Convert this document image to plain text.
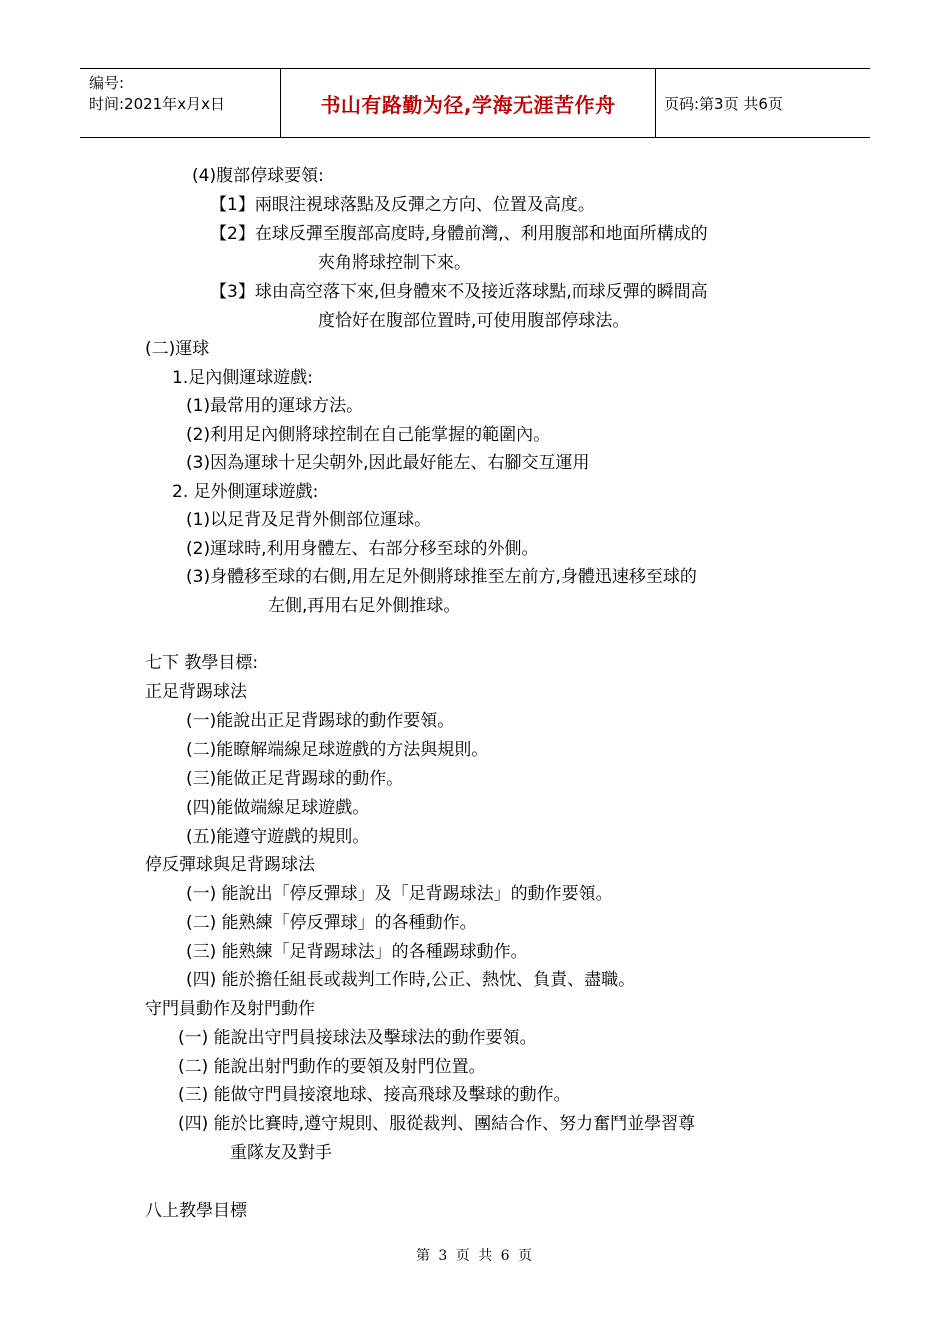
编号:
时间:2021年x月x日	书山有路勤为径,学海无涯苦作舟	页码:第3页 共6页
(4)腹部停球要領:
【1】兩眼注視球落點及反彈之方向、位置及高度。
【2】在球反彈至腹部高度時,身體前灣,、利用腹部和地面所構成的
夾角將球控制下來。
【3】球由高空落下來,但身體來不及接近落球點,而球反彈的瞬間高
度恰好在腹部位置時,可使用腹部停球法。
(二)運球
1.足內側運球遊戲:
(1)最常用的運球方法。
(2)利用足內側將球控制在自己能掌握的範圍內。
(3)因為運球十足尖朝外,因此最好能左、右腳交互運用
2. 足外側運球遊戲:
(1)以足背及足背外側部位運球。
(2)運球時,利用身體左、右部分移至球的外側。
(3)身體移至球的右側,用左足外側將球推至左前方,身體迅速移至球的
左側,再用右足外側推球。
七下 教學目標:
正足背踢球法
(一)能說出正足背踢球的動作要領。
(二)能瞭解端線足球遊戲的方法與規則。
(三)能做正足背踢球的動作。
(四)能做端線足球遊戲。
(五)能遵守遊戲的規則。
停反彈球與足背踢球法
(一) 能說出「停反彈球」及「足背踢球法」的動作要領。
(二) 能熟練「停反彈球」的各種動作。
(三) 能熟練「足背踢球法」的各種踢球動作。
(四) 能於擔任組長或裁判工作時,公正、熱忱、負責、盡職。
守門員動作及射門動作
(一) 能說出守門員接球法及擊球法的動作要領。
(二) 能說出射門動作的要領及射門位置。
(三) 能做守門員接滾地球、接高飛球及擊球的動作。
(四) 能於比賽時,遵守規則、服從裁判、團結合作、努力奮鬥並學習尊
重隊友及對手
八上教學目標
第 3 页 共 6 页
